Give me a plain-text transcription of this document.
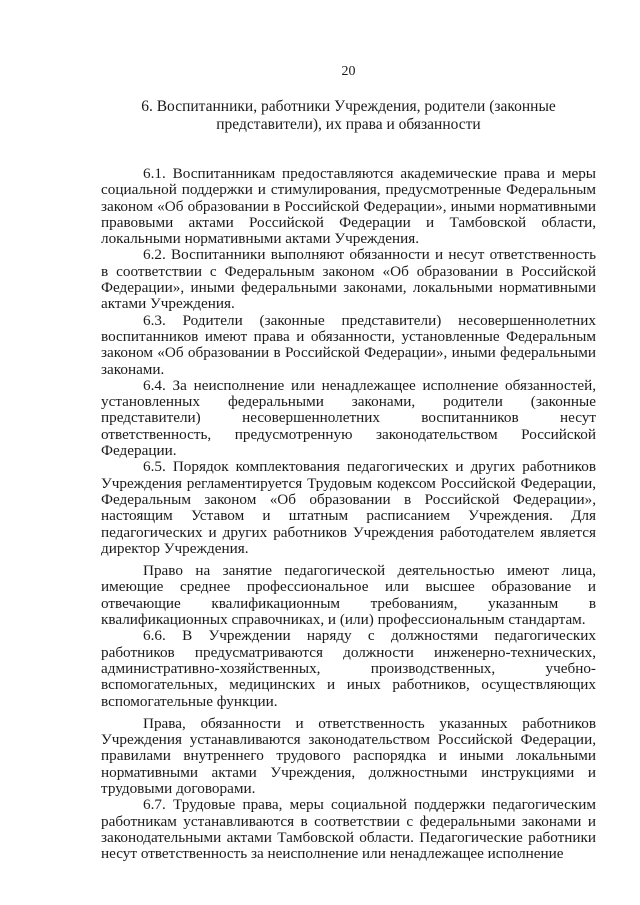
20
6. Воспитанники, работники Учреждения, родители (законные
представители), их права и обязанности

6.1. Воспитанникам предоставляются академические права и меры социальной поддержки и стимулирования, предусмотренные Федеральным законом «Об образовании в Российской Федерации», иными нормативными правовыми актами Российской Федерации и Тамбовской области, локальными нормативными актами Учреждения.

6.2. Воспитанники выполняют обязанности и несут ответственность в соответствии с Федеральным законом «Об образовании в Российской Федерации», иными федеральными законами, локальными нормативными актами Учреждения.

6.3. Родители (законные представители) несовершеннолетних воспитанников имеют права и обязанности, установленные Федеральным законом «Об образовании в Российской Федерации», иными федеральными законами.

6.4. За неисполнение или ненадлежащее исполнение обязанностей, установленных федеральными законами, родители (законные представители) несовершеннолетних воспитанников несут ответственность, предусмотренную законодательством Российской Федерации.

6.5. Порядок комплектования педагогических и других работников Учреждения регламентируется Трудовым кодексом Российской Федерации, Федеральным законом «Об образовании в Российской Федерации», настоящим Уставом и штатным расписанием Учреждения. Для педагогических и других работников Учреждения работодателем является директор Учреждения.

Право на занятие педагогической деятельностью имеют лица, имеющие среднее профессиональное или высшее образование и отвечающие квалификационным требованиям, указанным в квалификационных справочниках, и (или) профессиональным стандартам.

6.6. В Учреждении наряду с должностями педагогических работников предусматриваются должности инженерно-технических, административно-хозяйственных, производственных, учебно-вспомогательных, медицинских и иных работников, осуществляющих вспомогательные функции.

Права, обязанности и ответственность указанных работников Учреждения устанавливаются законодательством Российской Федерации, правилами внутреннего трудового распорядка и иными локальными нормативными актами Учреждения, должностными инструкциями и трудовыми договорами.

6.7. Трудовые права, меры социальной поддержки педагогическим работникам устанавливаются в соответствии с федеральными законами и законодательными актами Тамбовской области. Педагогические работники несут ответственность за неисполнение или ненадлежащее исполнение
